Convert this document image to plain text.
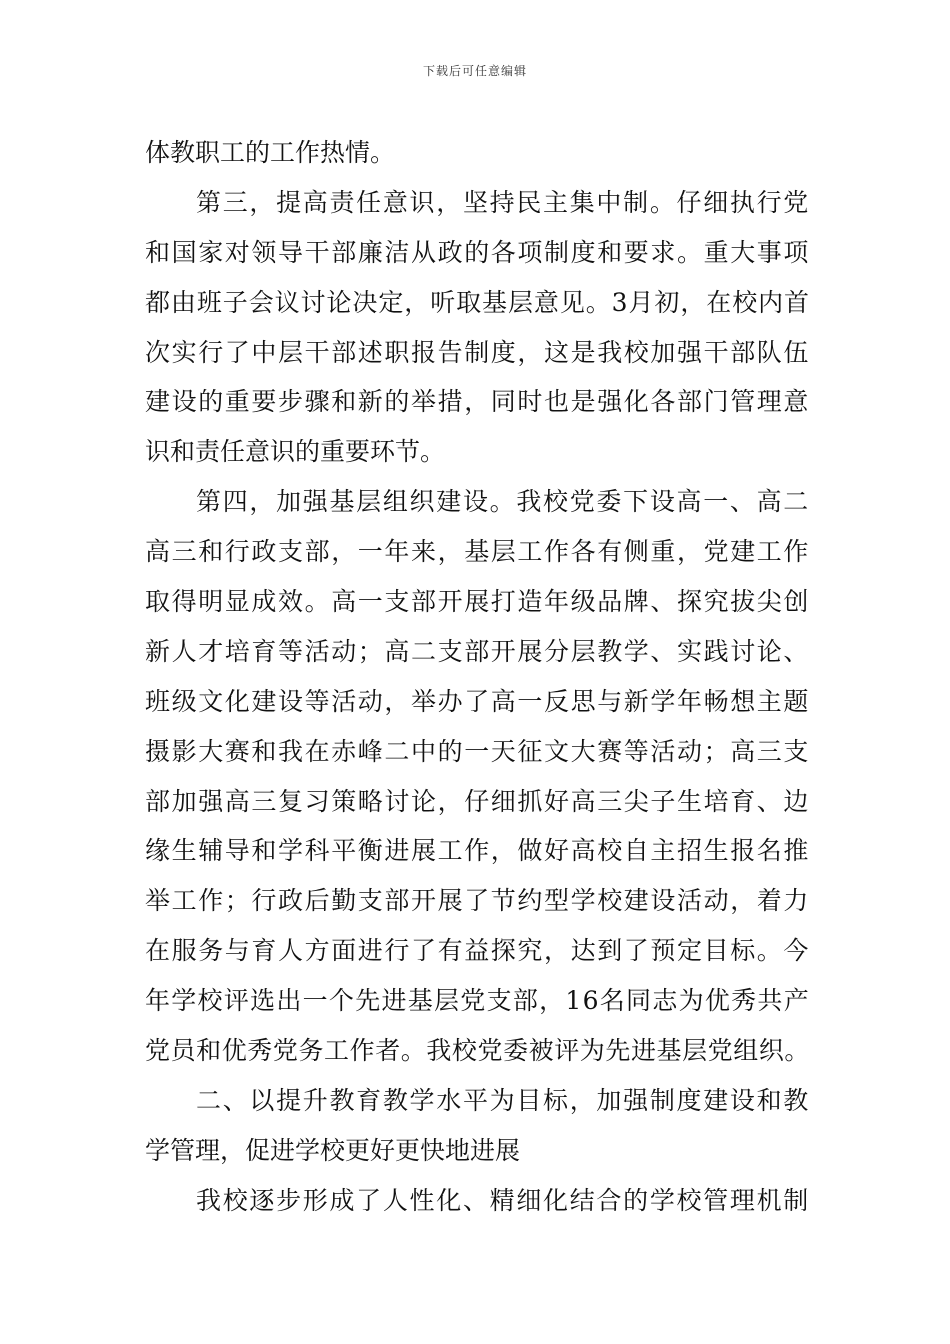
下载后可任意编辑
体教职工的工作热情。
第三，提高责任意识，坚持民主集中制。仔细执行党
和国家对领导干部廉洁从政的各项制度和要求。重大事项
都由班子会议讨论决定，听取基层意见。3月初，在校内首
次实行了中层干部述职报告制度，这是我校加强干部队伍
建设的重要步骤和新的举措，同时也是强化各部门管理意
识和责任意识的重要环节。
第四，加强基层组织建设。我校党委下设高一、高二
高三和行政支部，一年来，基层工作各有侧重，党建工作
取得明显成效。高一支部开展打造年级品牌、探究拔尖创
新人才培育等活动；高二支部开展分层教学、实践讨论、
班级文化建设等活动，举办了高一反思与新学年畅想主题
摄影大赛和我在赤峰二中的一天征文大赛等活动；高三支
部加强高三复习策略讨论，仔细抓好高三尖子生培育、边
缘生辅导和学科平衡进展工作，做好高校自主招生报名推
举工作；行政后勤支部开展了节约型学校建设活动，着力
在服务与育人方面进行了有益探究，达到了预定目标。今
年学校评选出一个先进基层党支部，16名同志为优秀共产
党员和优秀党务工作者。我校党委被评为先进基层党组织。
二、以提升教育教学水平为目标，加强制度建设和教
学管理，促进学校更好更快地进展
我校逐步形成了人性化、精细化结合的学校管理机制
